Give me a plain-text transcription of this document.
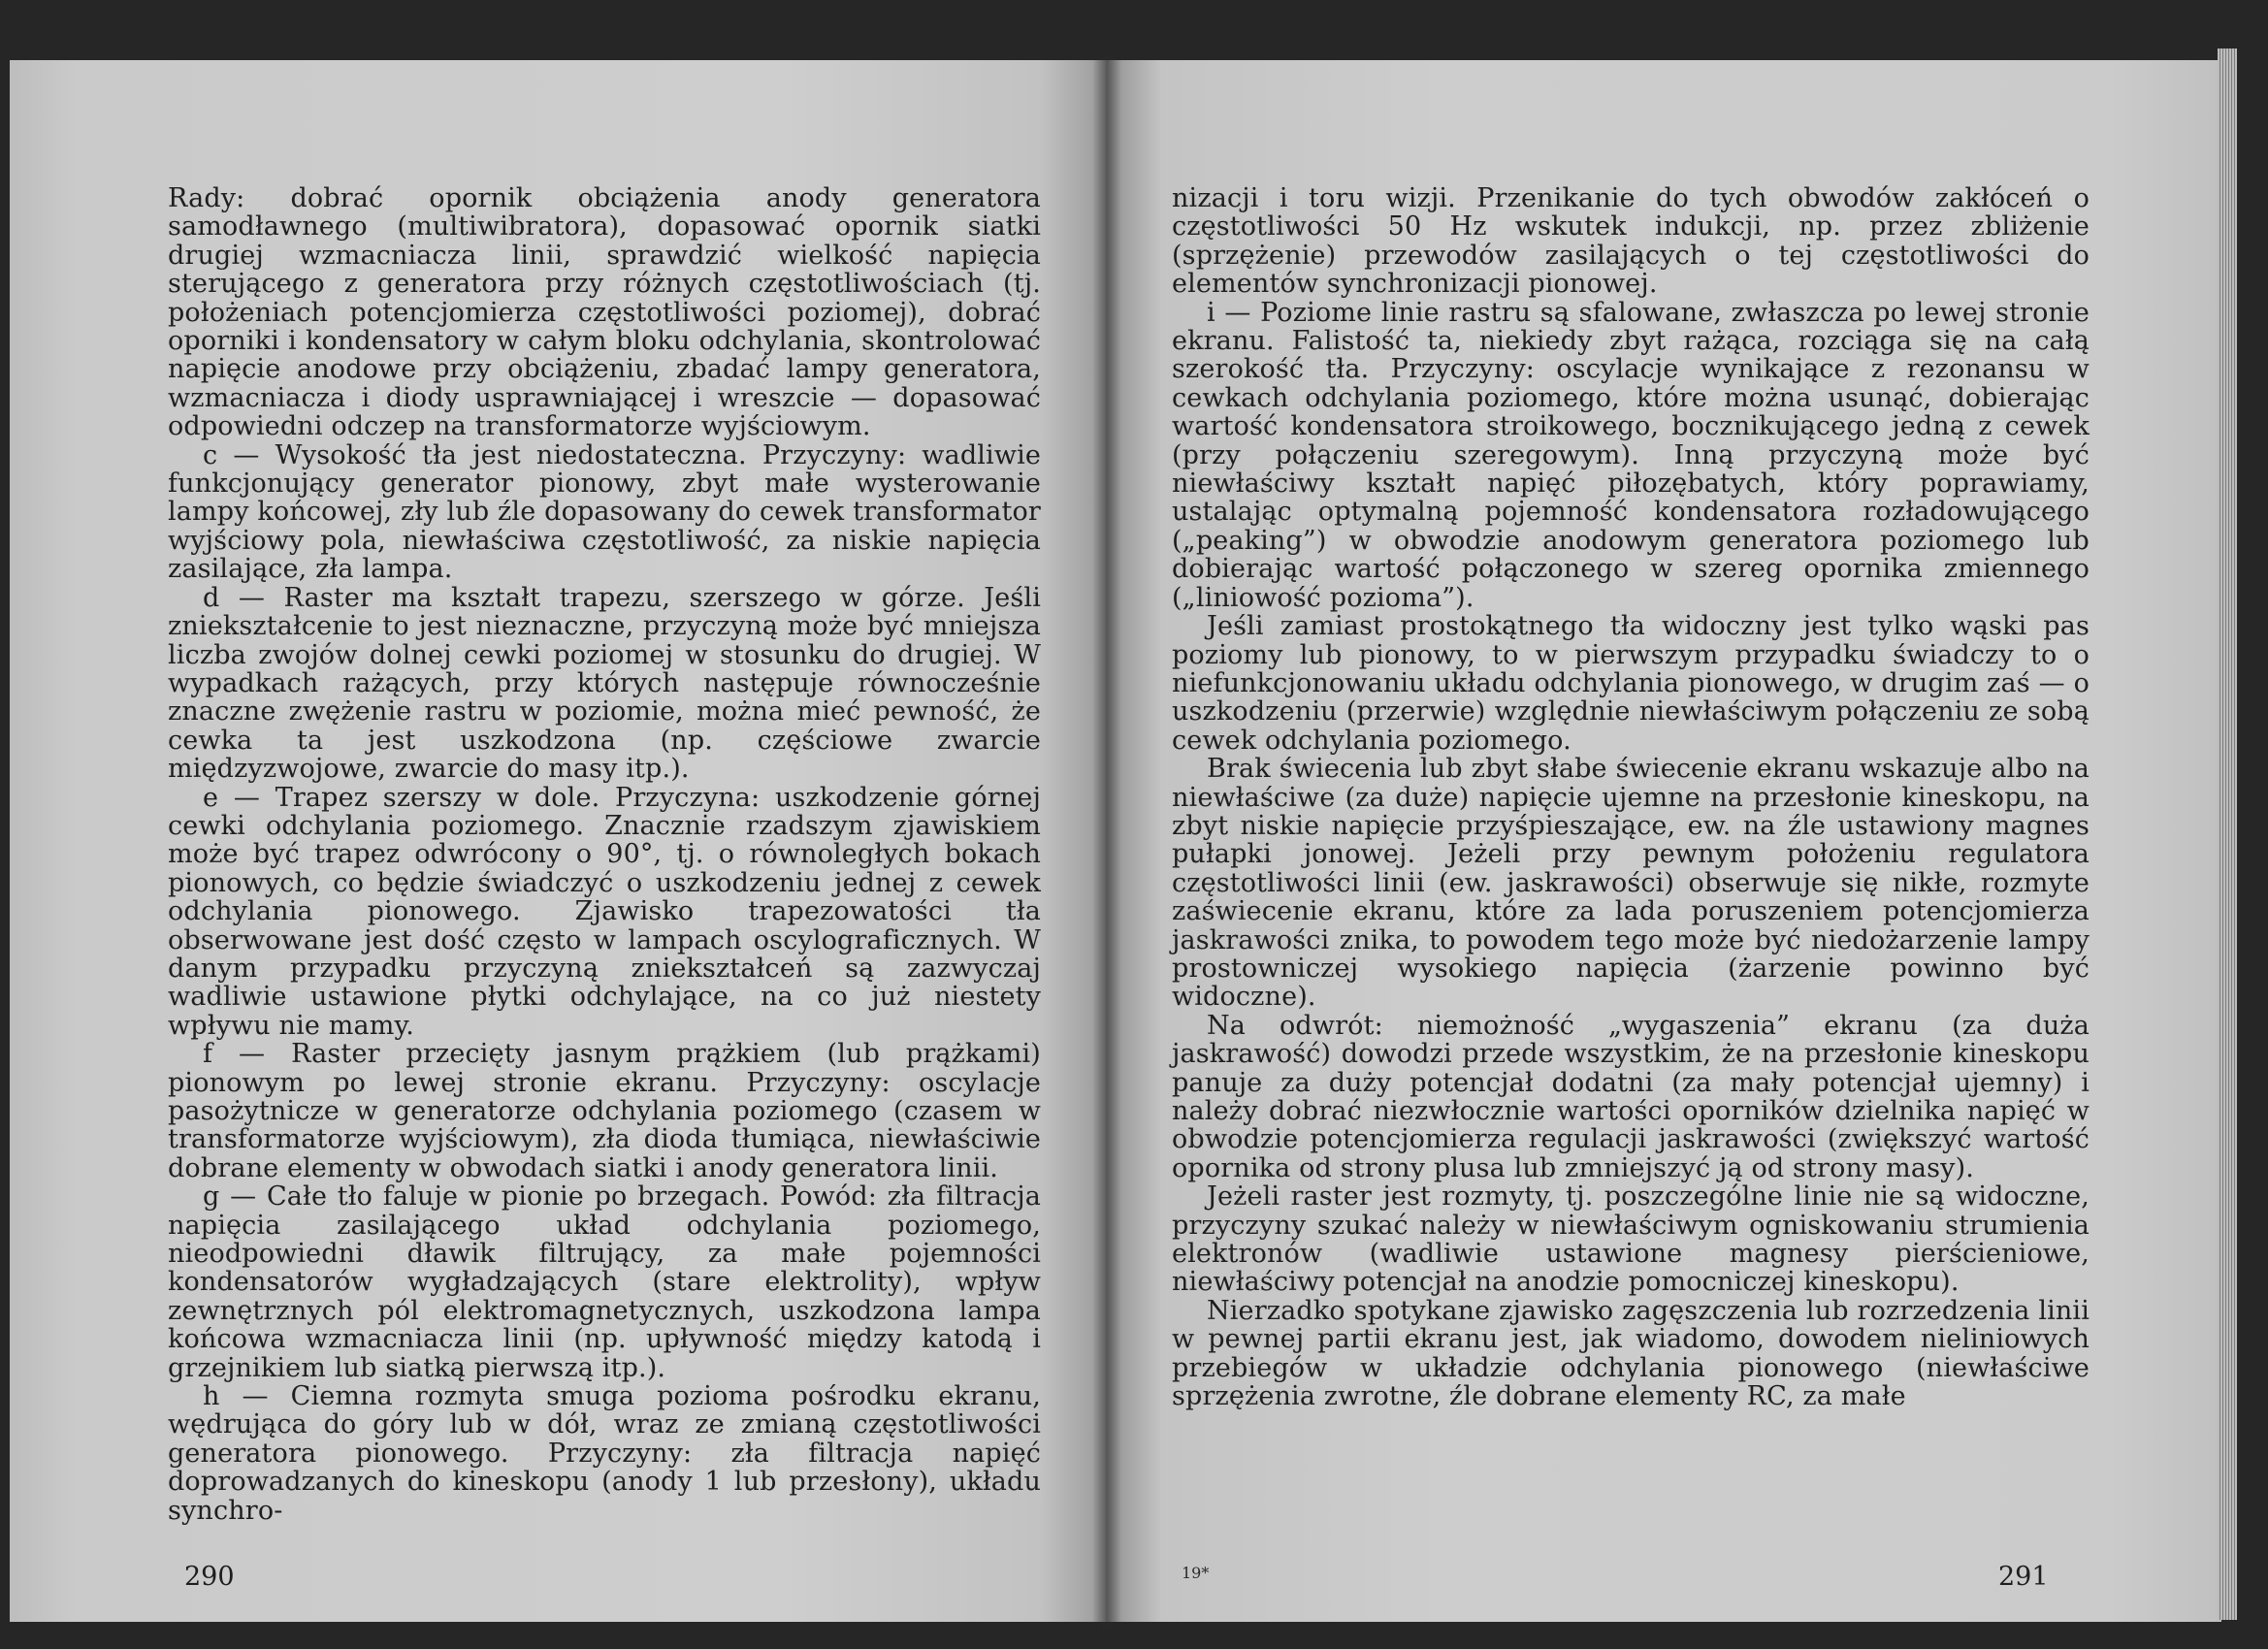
Rady: dobrać opornik obciążenia anody generatora samodławnego (multiwibratora), dopasować opornik siatki drugiej wzmacniacza linii, sprawdzić wielkość napięcia sterującego z generatora przy różnych częstotliwościach (tj. położeniach potencjomierza częstotliwości poziomej), dobrać oporniki i kondensatory w całym bloku odchylania, skontrolować napięcie anodowe przy obciążeniu, zbadać lampy generatora, wzmacniacza i diody usprawniającej i wreszcie — dopasować odpowiedni odczep na transformatorze wyjściowym.

c — Wysokość tła jest niedostateczna. Przyczyny: wadliwie funkcjonujący generator pionowy, zbyt małe wysterowanie lampy końcowej, zły lub źle dopasowany do cewek transformator wyjściowy pola, niewłaściwa częstotliwość, za niskie napięcia zasilające, zła lampa.

d — Raster ma kształt trapezu, szerszego w górze. Jeśli zniekształcenie to jest nieznaczne, przyczyną może być mniejsza liczba zwojów dolnej cewki poziomej w stosunku do drugiej. W wypadkach rażących, przy których następuje równocześnie znaczne zwężenie rastru w poziomie, można mieć pewność, że cewka ta jest uszkodzona (np. częściowe zwarcie międzyzwojowe, zwarcie do masy itp.).

e — Trapez szerszy w dole. Przyczyna: uszkodzenie górnej cewki odchylania poziomego. Znacznie rzadszym zjawiskiem może być trapez odwrócony o 90°, tj. o równoległych bokach pionowych, co będzie świadczyć o uszkodzeniu jednej z cewek odchylania pionowego. Zjawisko trapezowatości tła obserwowane jest dość często w lampach oscylograficznych. W danym przypadku przyczyną zniekształceń są zazwyczaj wadliwie ustawione płytki odchylające, na co już niestety wpływu nie mamy.

f — Raster przecięty jasnym prążkiem (lub prążkami) pionowym po lewej stronie ekranu. Przyczyny: oscylacje pasożytnicze w generatorze odchylania poziomego (czasem w transformatorze wyjściowym), zła dioda tłumiąca, niewłaściwie dobrane elementy w obwodach siatki i anody generatora linii.

g — Całe tło faluje w pionie po brzegach. Powód: zła filtracja napięcia zasilającego układ odchylania poziomego, nieodpowiedni dławik filtrujący, za małe pojemności kondensatorów wygładzających (stare elektrolity), wpływ zewnętrznych pól elektromagnetycznych, uszkodzona lampa końcowa wzmacniacza linii (np. upływność między katodą i grzejnikiem lub siatką pierwszą itp.).

h — Ciemna rozmyta smuga pozioma pośrodku ekranu, wędrująca do góry lub w dół, wraz ze zmianą częstotliwości generatora pionowego. Przyczyny: zła filtracja napięć doprowadzanych do kineskopu (anody 1 lub przesłony), układu synchro-

290

nizacji i toru wizji. Przenikanie do tych obwodów zakłóceń o częstotliwości 50 Hz wskutek indukcji, np. przez zbliżenie (sprzężenie) przewodów zasilających o tej częstotliwości do elementów synchronizacji pionowej.

i — Poziome linie rastru są sfalowane, zwłaszcza po lewej stronie ekranu. Falistość ta, niekiedy zbyt rażąca, rozciąga się na całą szerokość tła. Przyczyny: oscylacje wynikające z rezonansu w cewkach odchylania poziomego, które można usunąć, dobierając wartość kondensatora stroikowego, bocznikującego jedną z cewek (przy połączeniu szeregowym). Inną przyczyną może być niewłaściwy kształt napięć piłozębatych, który poprawiamy, ustalając optymalną pojemność kondensatora rozładowującego („peaking”) w obwodzie anodowym generatora poziomego lub dobierając wartość połączonego w szereg opornika zmiennego („liniowość pozioma”).

Jeśli zamiast prostokątnego tła widoczny jest tylko wąski pas poziomy lub pionowy, to w pierwszym przypadku świadczy to o niefunkcjonowaniu układu odchylania pionowego, w drugim zaś — o uszkodzeniu (przerwie) względnie niewłaściwym połączeniu ze sobą cewek odchylania poziomego.

Brak świecenia lub zbyt słabe świecenie ekranu wskazuje albo na niewłaściwe (za duże) napięcie ujemne na przesłonie kineskopu, na zbyt niskie napięcie przyśpieszające, ew. na źle ustawiony magnes pułapki jonowej. Jeżeli przy pewnym położeniu regulatora częstotliwości linii (ew. jaskrawości) obserwuje się nikłe, rozmyte zaświecenie ekranu, które za lada poruszeniem potencjomierza jaskrawości znika, to powodem tego może być niedożarzenie lampy prostowniczej wysokiego napięcia (żarzenie powinno być widoczne).

Na odwrót: niemożność „wygaszenia” ekranu (za duża jaskrawość) dowodzi przede wszystkim, że na przesłonie kineskopu panuje za duży potencjał dodatni (za mały potencjał ujemny) i należy dobrać niezwłocznie wartości oporników dzielnika napięć w obwodzie potencjomierza regulacji jaskrawości (zwiększyć wartość opornika od strony plusa lub zmniejszyć ją od strony masy).

Jeżeli raster jest rozmyty, tj. poszczególne linie nie są widoczne, przyczyny szukać należy w niewłaściwym ogniskowaniu strumienia elektronów (wadliwie ustawione magnesy pierścieniowe, niewłaściwy potencjał na anodzie pomocniczej kineskopu).

Nierzadko spotykane zjawisko zagęszczenia lub rozrzedzenia linii w pewnej partii ekranu jest, jak wiadomo, dowodem nieliniowych przebiegów w układzie odchylania pionowego (niewłaściwe sprzężenia zwrotne, źle dobrane elementy RC, za małe

19*	291
